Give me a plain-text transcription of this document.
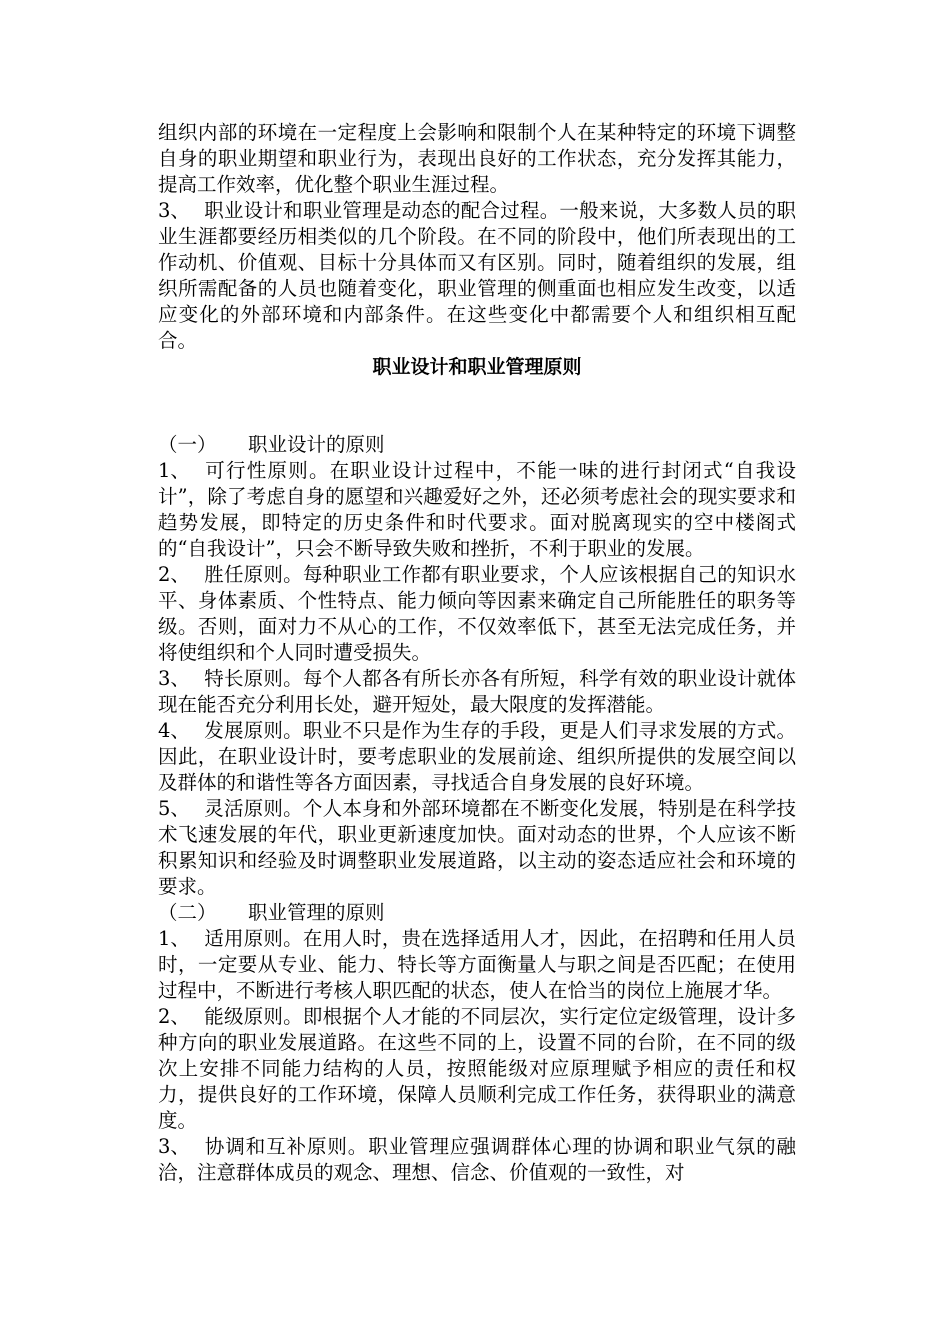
组织内部的环境在一定程度上会影响和限制个人在某种特定的环境下调整自身的职业期望和职业行为，表现出良好的工作状态，充分发挥其能力，提高工作效率，优化整个职业生涯过程。

3、 职业设计和职业管理是动态的配合过程。一般来说，大多数人员的职业生涯都要经历相类似的几个阶段。在不同的阶段中，他们所表现出的工作动机、价值观、目标十分具体而又有区别。同时，随着组织的发展，组织所需配备的人员也随着变化，职业管理的侧重面也相应发生改变，以适应变化的外部环境和内部条件。在这些变化中都需要个人和组织相互配合。

职业设计和职业管理原则

（一） 职业设计的原则

1、 可行性原则。在职业设计过程中，不能一味的进行封闭式“自我设计”，除了考虑自身的愿望和兴趣爱好之外，还必须考虑社会的现实要求和趋势发展，即特定的历史条件和时代要求。面对脱离现实的空中楼阁式的“自我设计”，只会不断导致失败和挫折，不利于职业的发展。

2、 胜任原则。每种职业工作都有职业要求，个人应该根据自己的知识水平、身体素质、个性特点、能力倾向等因素来确定自己所能胜任的职务等级。否则，面对力不从心的工作，不仅效率低下，甚至无法完成任务，并将使组织和个人同时遭受损失。

3、 特长原则。每个人都各有所长亦各有所短，科学有效的职业设计就体现在能否充分利用长处，避开短处，最大限度的发挥潜能。

4、 发展原则。职业不只是作为生存的手段，更是人们寻求发展的方式。因此，在职业设计时，要考虑职业的发展前途、组织所提供的发展空间以及群体的和谐性等各方面因素，寻找适合自身发展的良好环境。

5、 灵活原则。个人本身和外部环境都在不断变化发展，特别是在科学技术飞速发展的年代，职业更新速度加快。面对动态的世界，个人应该不断积累知识和经验及时调整职业发展道路，以主动的姿态适应社会和环境的要求。

（二） 职业管理的原则

1、 适用原则。在用人时，贵在选择适用人才，因此，在招聘和任用人员时，一定要从专业、能力、特长等方面衡量人与职之间是否匹配；在使用过程中，不断进行考核人职匹配的状态，使人在恰当的岗位上施展才华。

2、 能级原则。即根据个人才能的不同层次，实行定位定级管理，设计多种方向的职业发展道路。在这些不同的上，设置不同的台阶，在不同的级次上安排不同能力结构的人员，按照能级对应原理赋予相应的责任和权力，提供良好的工作环境，保障人员顺利完成工作任务，获得职业的满意度。

3、 协调和互补原则。职业管理应强调群体心理的协调和职业气氛的融洽，注意群体成员的观念、理想、信念、价值观的一致性，对
